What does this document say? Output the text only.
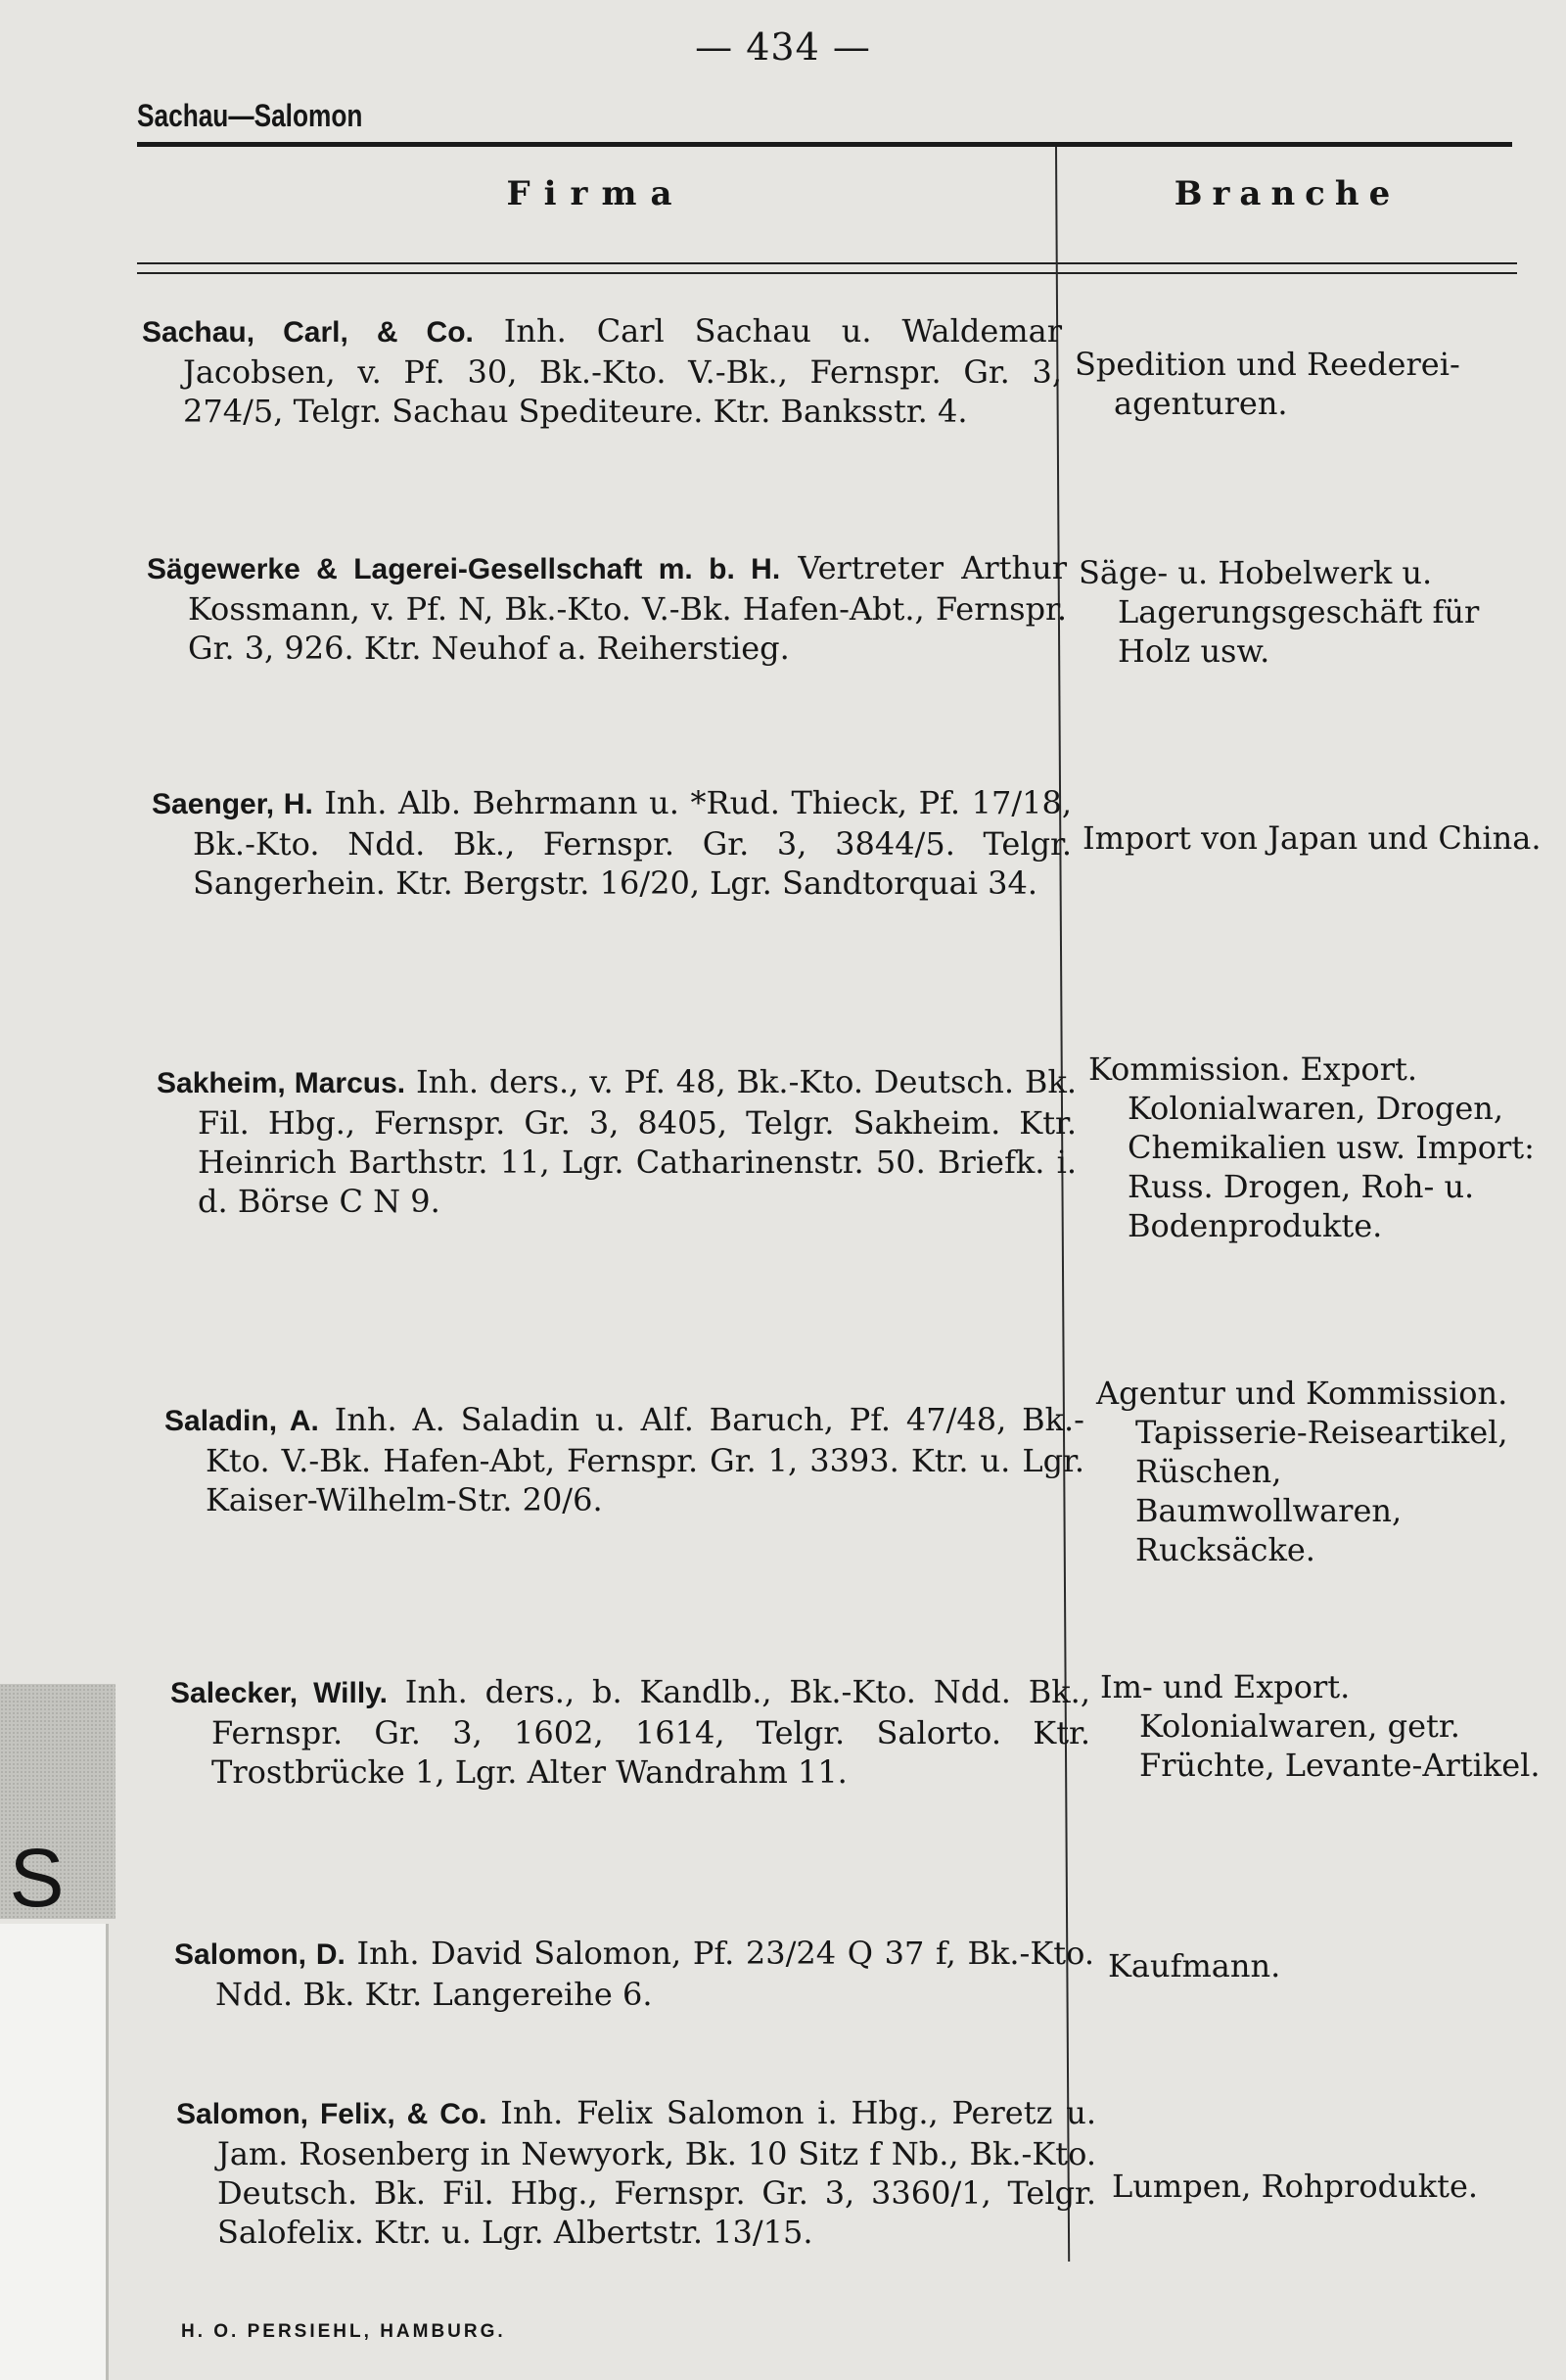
— 434 —
Sachau—Salomon
Firma	Branche
Sachau, Carl, & Co. Inh. Carl Sachau u. Waldemar Jacobsen, v. Pf. 30, Bk.-Kto. V.-Bk., Fernspr. Gr. 3, 274/5, Telgr. Sachau Spediteure. Ktr. Banksstr. 4.
Spedition und Reederei-agenturen.
Sägewerke & Lagerei-Gesellschaft m. b. H. Vertreter Arthur Kossmann, v. Pf. N, Bk.-Kto. V.-Bk. Hafen-Abt., Fernspr. Gr. 3, 926. Ktr. Neuhof a. Reiherstieg.
Säge- u. Hobelwerk u. Lagerungsgeschäft für Holz usw.
Saenger, H. Inh. Alb. Behrmann u. *Rud. Thieck, Pf. 17/18, Bk.-Kto. Ndd. Bk., Fernspr. Gr. 3, 3844/5. Telgr. Sangerhein. Ktr. Bergstr. 16/20, Lgr. Sandtorquai 34.
Import von Japan und China.
Sakheim, Marcus. Inh. ders., v. Pf. 48, Bk.-Kto. Deutsch. Bk. Fil. Hbg., Fernspr. Gr. 3, 8405, Telgr. Sakheim. Ktr. Heinrich Barthstr. 11, Lgr. Catharinenstr. 50. Briefk. i. d. Börse C N 9.
Kommission. Export. Kolonialwaren, Drogen, Chemikalien usw. Import: Russ. Drogen, Roh- u. Bodenprodukte.
Saladin, A. Inh. A. Saladin u. Alf. Baruch, Pf. 47/48, Bk.-Kto. V.-Bk. Hafen-Abt, Fernspr. Gr. 1, 3393. Ktr. u. Lgr. Kaiser-Wilhelm-Str. 20/6.
Agentur und Kommission. Tapisserie-Reiseartikel, Rüschen, Baumwollwaren, Rucksäcke.
Salecker, Willy. Inh. ders., b. Kandlb., Bk.-Kto. Ndd. Bk., Fernspr. Gr. 3, 1602, 1614, Telgr. Salorto. Ktr. Trostbrücke 1, Lgr. Alter Wandrahm 11.
Im- und Export. Kolonialwaren, getr. Früchte, Levante-Artikel.
Salomon, D. Inh. David Salomon, Pf. 23/24 Q 37 f, Bk.-Kto. Ndd. Bk. Ktr. Langereihe 6.
Kaufmann.
Salomon, Felix, & Co. Inh. Felix Salomon i. Hbg., Peretz u. Jam. Rosenberg in Newyork, Bk. 10 Sitz f Nb., Bk.-Kto. Deutsch. Bk. Fil. Hbg., Fernspr. Gr. 3, 3360/1, Telgr. Salofelix. Ktr. u. Lgr. Albertstr. 13/15.
Lumpen, Rohprodukte.
H. O. PERSIEHL, HAMBURG.
S
